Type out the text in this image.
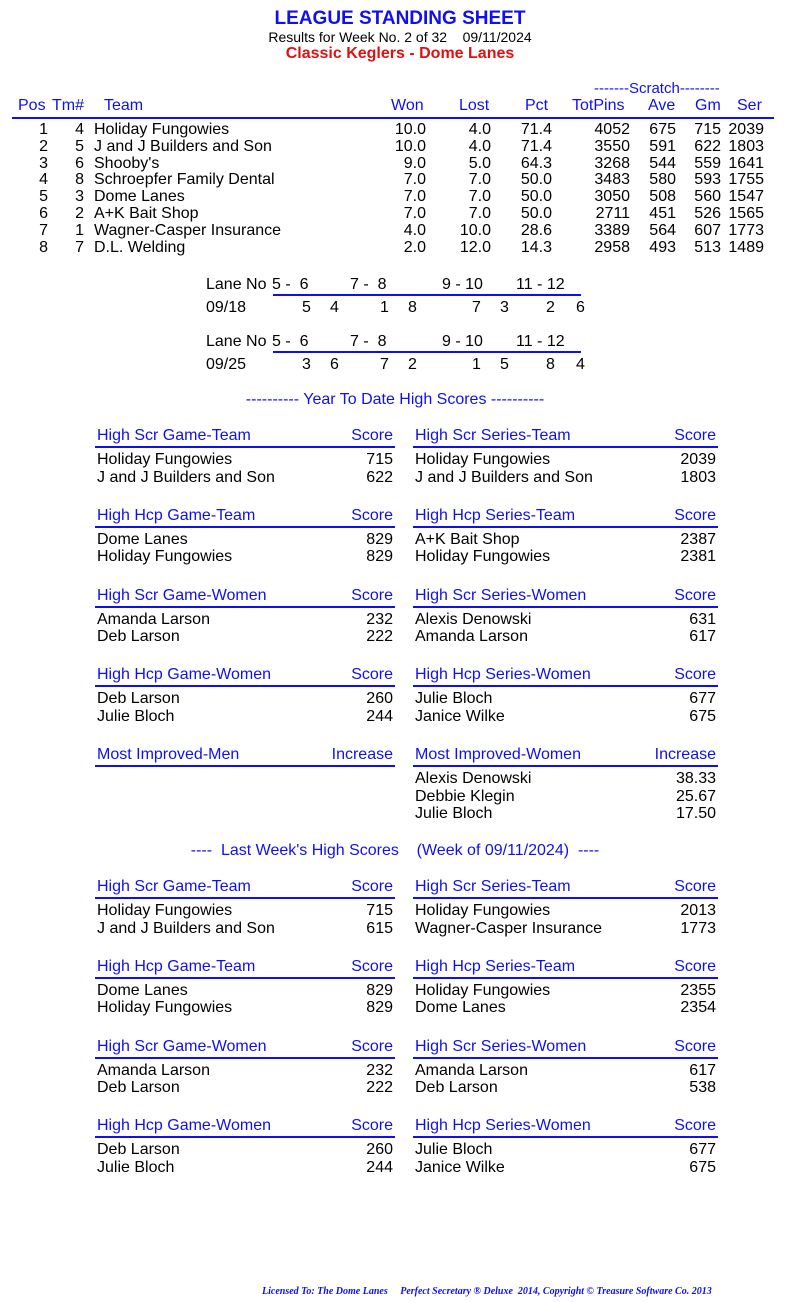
LEAGUE STANDING SHEET
Results for Week No. 2 of 32    09/11/2024
Classic Keglers - Dome Lanes
-------Scratch--------
Pos Tm# Team	Won Lost Pct TotPins Ave Gm Ser
1	4 Holiday Fungowies	10.0	4.0	71.4	4052	675	715 2039
2	5 J and J Builders and Son	10.0	4.0	71.4	3550	591	622 1803
3	6 Shooby's	9.0	5.0	64.3	3268	544	559 1641
4	8 Schroepfer Family Dental	7.0	7.0	50.0	3483	580	593 1755
5	3 Dome Lanes	7.0	7.0	50.0	3050	508	560 1547
6	2 A+K Bait Shop	7.0	7.0	50.0	2711	451	526 1565
7	1 Wagner-Casper Insurance	4.0	10.0	28.6	3389	564	607 1773
8	7 D.L. Welding	2.0	12.0	14.3	2958	493	513 1489
Lane No 5 -  6	7 -  8	9 - 10 11 - 12
09/18	5 4	1 8	7 3 2 6
Lane No 5 -  6	7 -  8	9 - 10 11 - 12
09/25	3 6	7 2	1 5 8 4
---------- Year To Date High Scores ----------
High Scr Game-Team	Score
Holiday Fungowies	715
J and J Builders and Son	622
High Scr Series-Team	Score
Holiday Fungowies	2039
J and J Builders and Son	1803
High Hcp Game-Team	Score
Dome Lanes	829
Holiday Fungowies	829
High Hcp Series-Team	Score
A+K Bait Shop	2387
Holiday Fungowies	2381
High Scr Game-Women	Score
Amanda Larson	232
Deb Larson	222
High Scr Series-Women	Score
Alexis Denowski	631
Amanda Larson	617
High Hcp Game-Women	Score
Deb Larson	260
Julie Bloch	244
High Hcp Series-Women	Score
Julie Bloch	677
Janice Wilke	675
Most Improved-Men	Increase Most Improved-Women	Increase
Alexis Denowski	38.33
Debbie Klegin	25.67
Julie Bloch	17.50
----  Last Week's High Scores    (Week of 09/11/2024)  ----
High Scr Game-Team	Score
Holiday Fungowies	715
J and J Builders and Son	615
High Scr Series-Team	Score
Holiday Fungowies	2013
Wagner-Casper Insurance	1773
High Hcp Game-Team	Score
Dome Lanes	829
Holiday Fungowies	829
High Hcp Series-Team	Score
Holiday Fungowies	2355
Dome Lanes	2354
High Scr Game-Women	Score
Amanda Larson	232
Deb Larson	222
High Scr Series-Women	Score
Amanda Larson	617
Deb Larson	538
High Hcp Game-Women	Score
Deb Larson	260
Julie Bloch	244
High Hcp Series-Women	Score
Julie Bloch	677
Janice Wilke	675
Licensed To: The Dome Lanes     Perfect Secretary ® Deluxe  2014, Copyright © Treasure Software Co. 2013
